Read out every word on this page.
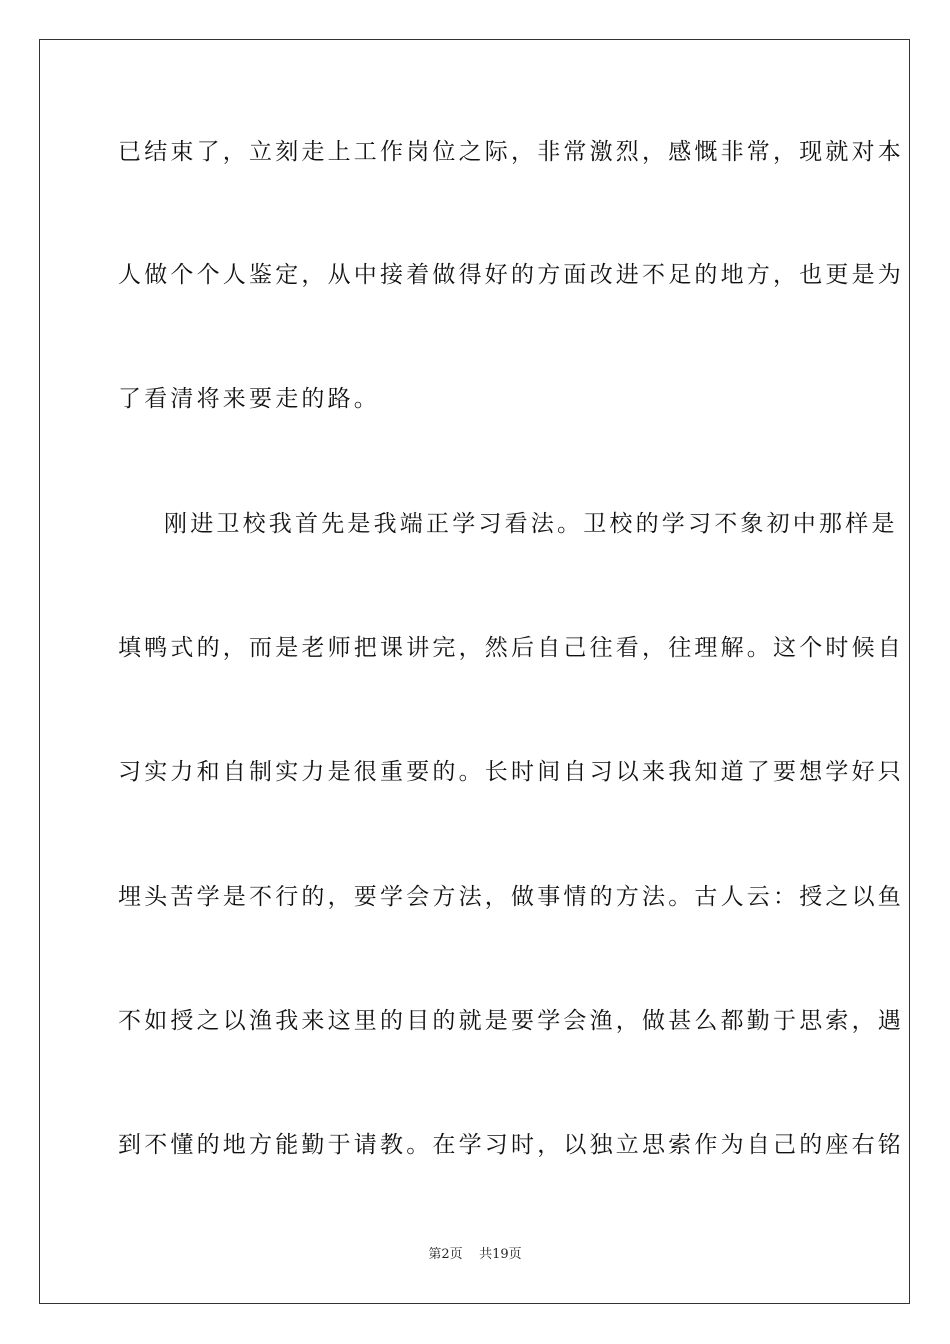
已结束了，立刻走上工作岗位之际，非常激烈，感慨非常，现就对本
人做个个人鉴定，从中接着做得好的方面改进不足的地方，也更是为
了看清将来要走的路。
刚进卫校我首先是我端正学习看法。卫校的学习不象初中那样是
填鸭式的，而是老师把课讲完，然后自己往看，往理解。这个时候自
习实力和自制实力是很重要的。长时间自习以来我知道了要想学好只
埋头苦学是不行的，要学会方法，做事情的方法。古人云：授之以鱼
不如授之以渔我来这里的目的就是要学会渔，做甚么都勤于思索，遇
到不懂的地方能勤于请教。在学习时，以独立思索作为自己的座右铭
第2页 共19页
